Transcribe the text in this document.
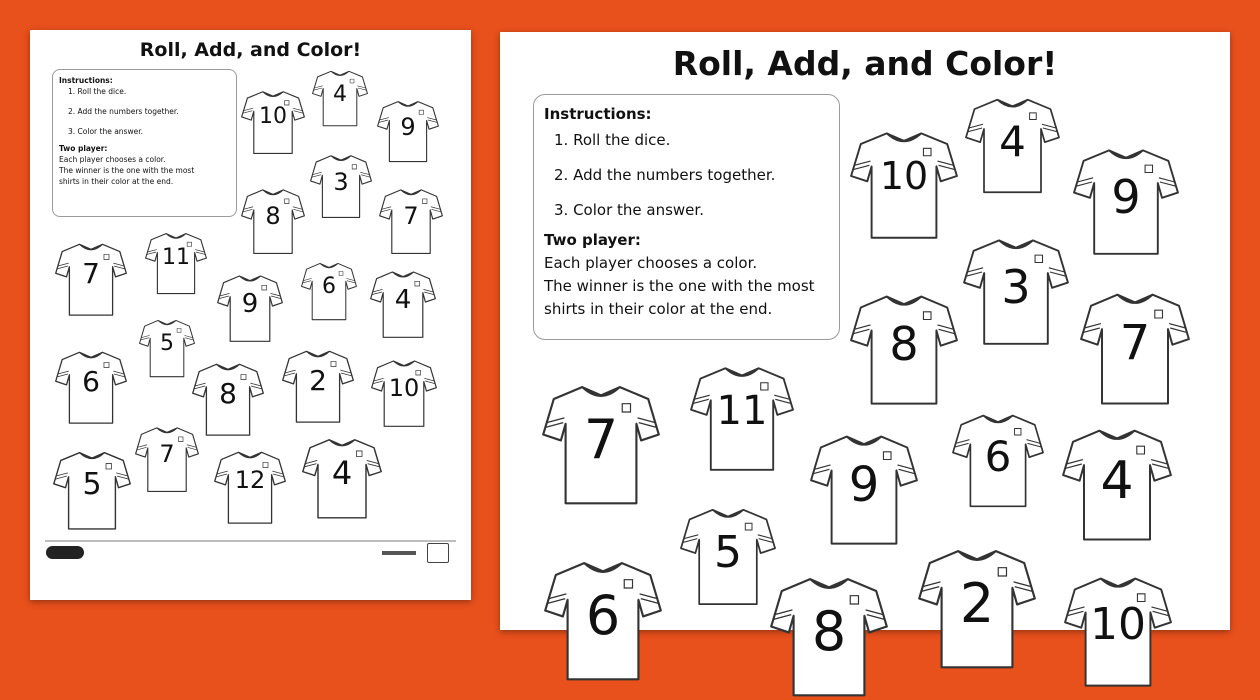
Roll, Add, and Color!
Instructions:
1. Roll the dice.
2. Add the numbers together.
3. Color the answer.
Two player:
Each player chooses a color.
The winner is the one with the most
shirts in their color at the end.
10
4
9
3
8	7
7	11
9
6	4
5
6	8	2	10
7
5	12	4
Roll, Add, and Color!
Instructions:
1. Roll the dice.
2. Add the numbers together.
3. Color the answer.
Two player:
Each player chooses a color.
The winner is the one with the most
shirts in their color at the end.
10
4
9
3
8	7
7	11
9
6	4
5
6	8	2	10
